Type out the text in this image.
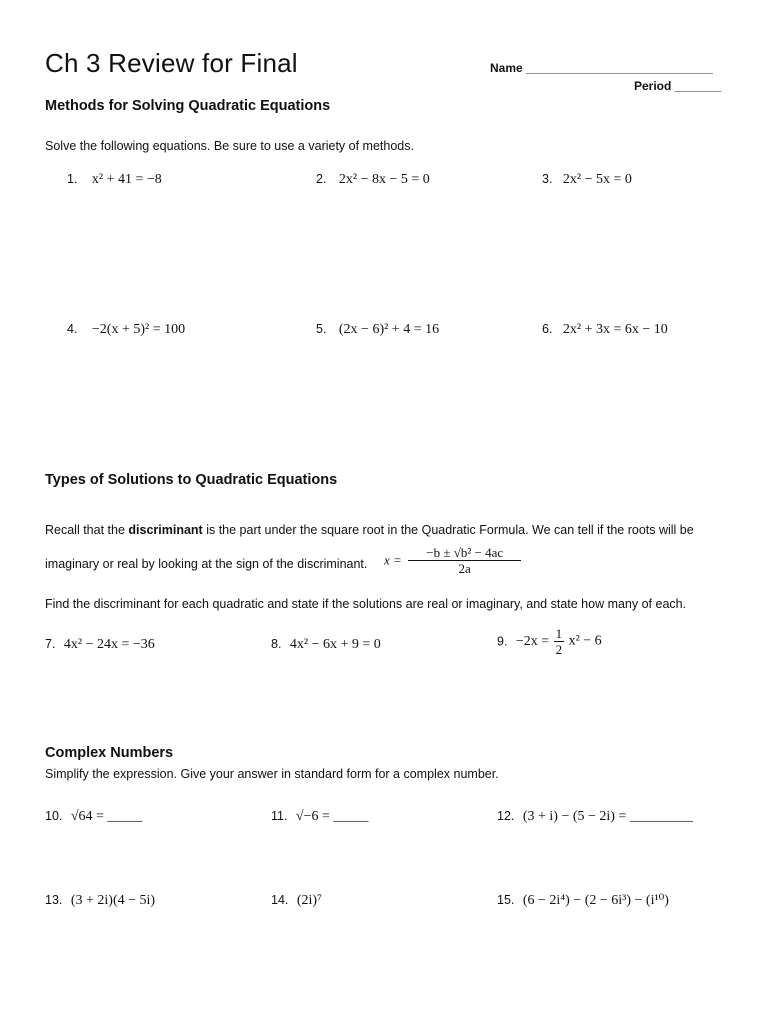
Ch 3 Review for Final	Name ____________________________
Period _______
Methods for Solving Quadratic Equations
Solve the following equations. Be sure to use a variety of methods.
1. x² + 41 = −8	2. 2x² − 8x − 5 = 0	3. 2x² − 5x = 0
4. −2(x + 5)² = 100	5. (2x − 6)² + 4 = 16	6. 2x² + 3x = 6x − 10
Types of Solutions to Quadratic Equations
Recall that the discriminant is the part under the square root in the Quadratic Formula. We can tell if the roots will be
imaginary or real by looking at the sign of the discriminant. $x = \frac{\text{−b ± √b² − 4ac}}{2a}$
Find the discriminant for each quadratic and state if the solutions are real or imaginary, and state how many of each.
7. 4x² − 24x = −36	8. 4x² − 6x + 9 = 0	9. $-2x = \frac{1}{2} x^2 - 6$
Complex Numbers
Simplify the expression. Give your answer in standard form for a complex number.
10. √64 = _____	11. √−6 = _____	12. (3 + i) − (5 − 2i) = _________
13. (3 + 2i)(4 − 5i)	14. (2i)⁷	15. (6 − 2i⁴) − (2 − 6i³) − (i¹⁰)
